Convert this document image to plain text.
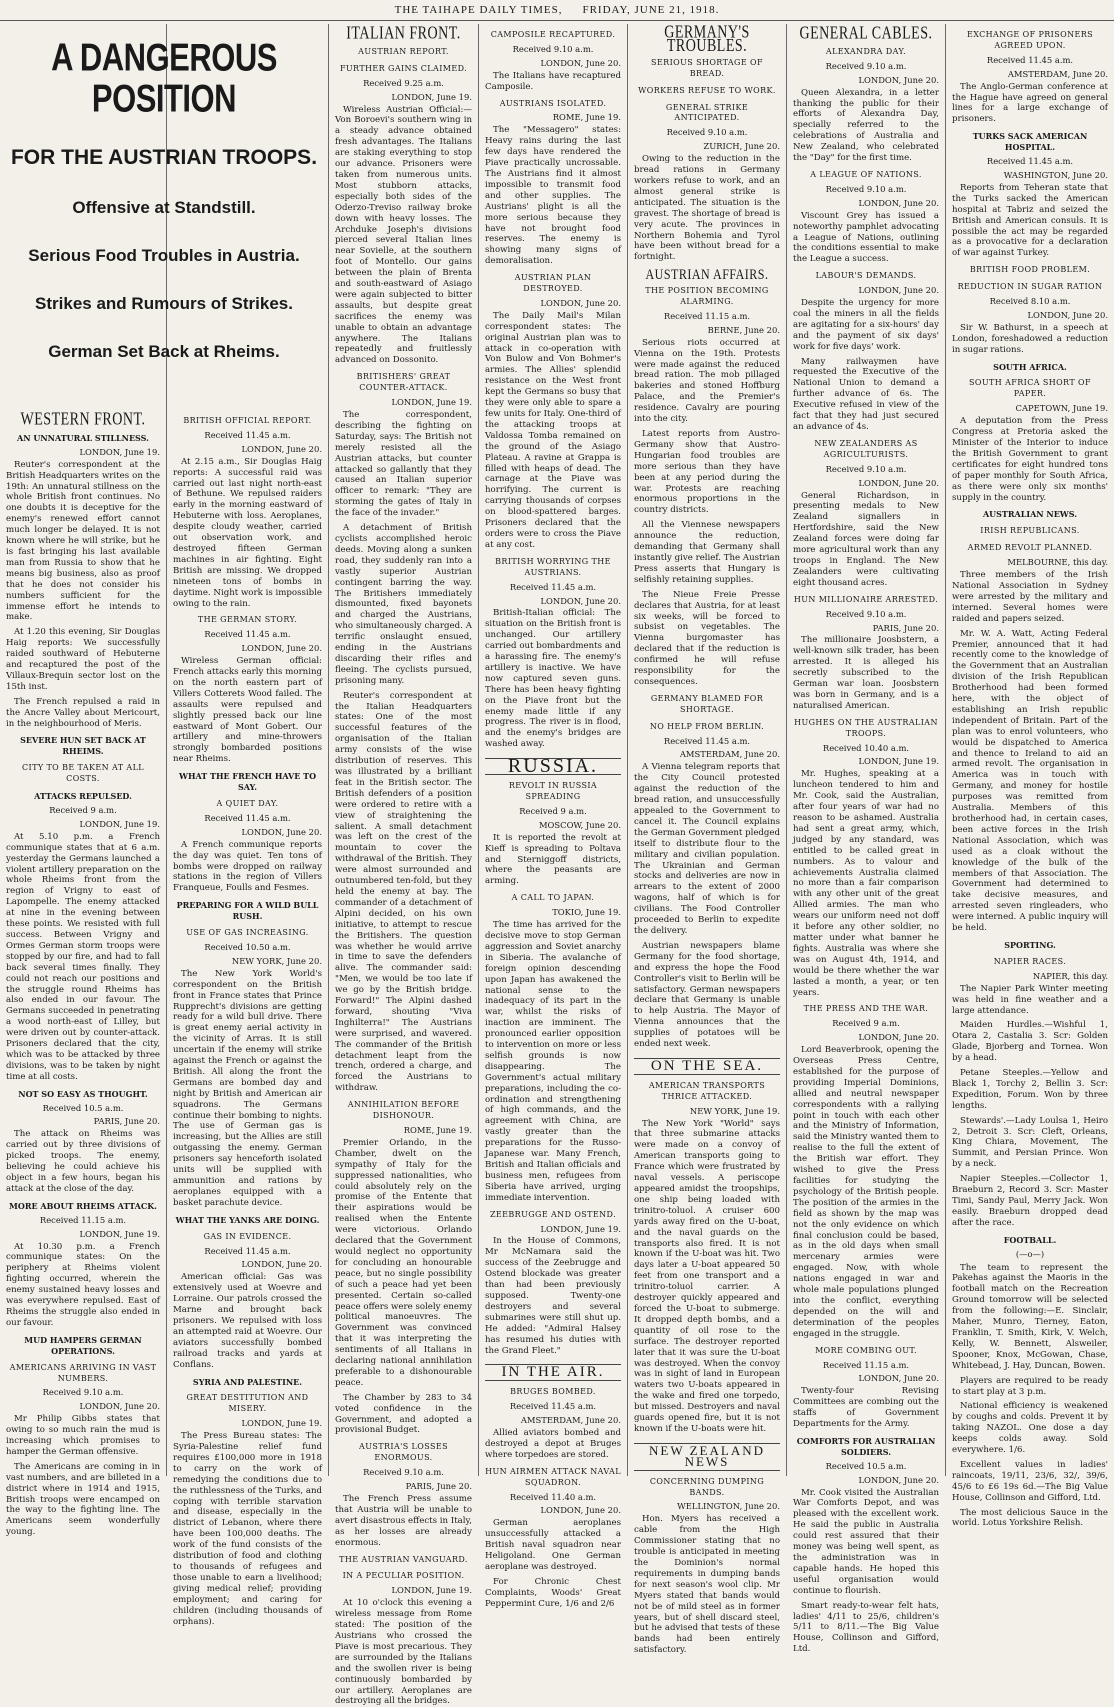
THE TAIHAPE DAILY TIMES, FRIDAY, JUNE 21, 1918.

A DANGEROUS POSITION

FOR THE AUSTRIAN TROOPS.

Offensive at Standstill.

Serious Food Troubles in Austria.

Strikes and Rumours of Strikes.

German Set Back at Rheims.

WESTERN FRONT.

AN UNNATURAL STILLNESS.

LONDON, June 19.

Reuter's correspondent at the British Headquarters writes on the 19th: An unnatural stillness on the whole British front continues. No one doubts it is deceptive for the enemy's renewed effort cannot much longer be delayed. It is not known where he will strike, but he is fast bringing his last available man from Russia to show that he means big business, also as proof that he does not consider his numbers sufficient for the immense effort he intends to make.

At 1.20 this evening, Sir Douglas Haig reports: We successfully raided southward of Hebuterne and recaptured the post of the Villaux-Brequin sector lost on the 15th inst.

The French repulsed a raid in the Ancre Valley about Mericourt, in the neighbourhood of Meris.

SEVERE HUN SET BACK AT RHEIMS.

CITY TO BE TAKEN AT ALL COSTS.

ATTACKS REPULSED.

Received 9 a.m.

LONDON, June 19.

At 5.10 p.m. a French communique states that at 6 a.m. yesterday the Germans launched a violent artillery preparation on the whole Rheims front from the region of Vrigny to east of Lapompelle. The enemy attacked at nine in the evening between these points. We resisted with full success. Between Vrigny and Ormes German storm troops were stopped by our fire, and had to fall back several times finally. They could not reach our positions and the struggle round Rheims has also ended in our favour. The Germans succeeded in penetrating a wood north-east of Lilley, but were driven out by counter-attack. Prisoners declared that the city, which was to be attacked by three divisions, was to be taken by night time at all costs.

NOT SO EASY AS THOUGHT.

Received 10.5 a.m.

PARIS, June 20.

The attack on Rheims was carried out by three divisions of picked troops. The enemy, believing he could achieve his object in a few hours, began his attack at the close of the day.

MORE ABOUT RHEIMS ATTACK.

Received 11.15 a.m.

LONDON, June 19.

At 10.30 p.m. a French communique states: On the periphery at Rheims violent fighting occurred, wherein the enemy sustained heavy losses and was everywhere repulsed. East of Rheims the struggle also ended in our favour.

MUD HAMPERS GERMAN OPERATIONS.

AMERICANS ARRIVING IN VAST NUMBERS.

Received 9.10 a.m.

LONDON, June 20.

Mr Philip Gibbs states that owing to so much rain the mud is increasing which promises to hamper the German offensive.

The Americans are coming in in vast numbers, and are billeted in a district where in 1914 and 1915, British troops were encamped on the way to the fighting line. The Americans seem wonderfully young.

BRITISH OFFICIAL REPORT.

Received 11.45 a.m.

LONDON, June 20.

At 2.15 a.m., Sir Douglas Haig reports: A successful raid was carried out last night north-east of Bethune. We repulsed raiders early in the morning eastward of Hebuterne with loss. Aeroplanes, despite cloudy weather, carried out observation work, and destroyed fifteen German machines in air fighting. Eight British are missing. We dropped nineteen tons of bombs in daytime. Night work is impossible owing to the rain.

THE GERMAN STORY.

Received 11.45 a.m.

LONDON, June 20.

Wireless German official: French attacks early this morning on the north eastern part of Villers Cotterets Wood failed. The assaults were repulsed and slightly pressed back our line eastward of Mont Gobert. Our artillery and mine-throwers strongly bombarded positions near Rheims.

WHAT THE FRENCH HAVE TO SAY.

A QUIET DAY.

Received 11.45 a.m.

LONDON, June 20.

A French communique reports the day was quiet. Ten tons of bombs were dropped on railway stations in the region of Villers Franqueue, Foulls and Fesmes.

PREPARING FOR A WILD BULL RUSH.

USE OF GAS INCREASING.

Received 10.50 a.m.

NEW YORK, June 20.

The New York World's correspondent on the British front in France states that Prince Rupprecht's divisions are getting ready for a wild bull drive. There is great enemy aerial activity in the vicinity of Arras. It is still uncertain if the enemy will strike against the French or against the British. All along the front the Germans are bombed day and night by British and American air squadrons. The Germans continue their bombing to nights. The use of German gas is increasing, but the Allies are still outgassing the enemy. German prisoners say henceforth isolated units will be supplied with ammunition and rations by aeroplanes equipped with a basket parachute device.

WHAT THE YANKS ARE DOING.

GAS IN EVIDENCE.

Received 11.45 a.m.

LONDON, June 20.

American official: Gas was extensively used at Woevre and Lorraine. Our patrols crossed the Marne and brought back prisoners. We repulsed with loss an attempted raid at Woevre. Our aviators successfully bombed railroad tracks and yards at Conflans.

SYRIA AND PALESTINE.

GREAT DESTITUTION AND MISERY.

LONDON, June 19.

The Press Bureau states: The Syria-Palestine relief fund requires £100,000 more in 1918 to carry on the work of remedying the conditions due to the ruthlessness of the Turks, and coping with terrible starvation and disease, especially in the district of Lebanon, where there have been 100,000 deaths. The work of the fund consists of the distribution of food and clothing to thousands of refugees and those unable to earn a livelihood; giving medical relief; providing employment; and caring for children (including thousands of orphans).

ITALIAN FRONT.

AUSTRIAN REPORT.

FURTHER GAINS CLAIMED.

Received 9.25 a.m.

LONDON, June 19.

Wireless Austrian Official:—Von Boroevi's southern wing in a steady advance obtained fresh advantages. The Italians are staking everything to stop our advance. Prisoners were taken from numerous units. Most stubborn attacks, especially both sides of the Oderzo-Treviso railway broke down with heavy losses. The Archduke Joseph's divisions pierced several Italian lines near Sovielle, at the southern foot of Montello. Our gains between the plain of Brenta and south-eastward of Asiago were again subjected to bitter assaults, but despite great sacrifices the enemy was unable to obtain an advantage anywhere. The Italians repeatedly and fruitlessly advanced on Dossonito.

BRITISHERS' GREAT COUNTER-ATTACK.

LONDON, June 19.

The correspondent, describing the fighting on Saturday, says: The British not merely resisted all the Austrian attacks, but counter attacked so gallantly that they caused an Italian superior officer to remark: "They are storming the gates of Italy in the face of the invader."

A detachment of British cyclists accomplished heroic deeds. Moving along a sunken road, they suddenly ran into a vastly superior Austrian contingent barring the way. The Britishers immediately dismounted, fixed bayonets and charged the Austrians, who simultaneously charged. A terrific onslaught ensued, ending in the Austrians discarding their rifles and fleeing. The cyclists pursued, prisoning many.

Reuter's correspondent at the Italian Headquarters states: One of the most successful features of the organisation of the Italian army consists of the wise distribution of reserves. This was illustrated by a brilliant feat in the British sector. The British defenders of a position were ordered to retire with a view of straightening the salient. A small detachment was left on the crest of the mountain to cover the withdrawal of the British. They were almost surrounded and outnumbered ten-fold, but they held the enemy at bay. The commander of a detachment of Alpini decided, on his own initiative, to attempt to rescue the Britishers. The question was whether he would arrive in time to save the defenders alive. The commander said: "Men, we would be too late if we go by the British bridge. Forward!" The Alpini dashed forward, shouting "Viva Inghilterra!" The Austrians were surprised, and wavered. The commander of the British detachment leapt from the trench, ordered a charge, and forced the Austrians to withdraw.

ANNIHILATION BEFORE DISHONOUR.

ROME, June 19.

Premier Orlando, in the Chamber, dwelt on the sympathy of Italy for the suppressed nationalities, who could absolutely rely on the promise of the Entente that their aspirations would be realised when the Entente were victorious. Orlando declared that the Government would neglect no opportunity for concluding an honourable peace, but no single possibility of such a peace had yet been presented. Certain so-called peace offers were solely enemy political manoeuvres. The Government was convinced that it was interpreting the sentiments of all Italians in declaring national annihilation preferable to a dishonourable peace.

The Chamber by 283 to 34 voted confidence in the Government, and adopted a provisional Budget.

AUSTRIA'S LOSSES ENORMOUS.

Received 9.10 a.m.

PARIS, June 20.

The French Press assume that Austria will be unable to avert disastrous effects in Italy, as her losses are already enormous.

THE AUSTRIAN VANGUARD.

IN A PECULIAR POSITION.

LONDON, June 19.

At 10 o'clock this evening a wireless message from Rome stated: The position of the Austrians who crossed the Piave is most precarious. They are surrounded by the Italians and the swollen river is being continuously bombarded by our artillery. Aeroplanes are destroying all the bridges.

CAMPOSILE RECAPTURED.

Received 9.10 a.m.

LONDON, June 20.

The Italians have recaptured Camposile.

AUSTRIANS ISOLATED.

ROME, June 19.

The "Messagero" states: Heavy rains during the last few days have rendered the Piave practically uncrossable. The Austrians find it almost impossible to transmit food and other supplies. The Austrians' plight is all the more serious because they have not brought food reserves. The enemy is showing many signs of demoralisation.

AUSTRIAN PLAN DESTROYED.

LONDON, June 20.

The Daily Mail's Milan correspondent states: The original Austrian plan was to attack in co-operation with Von Bulow and Von Bohmer's armies. The Allies' splendid resistance on the West front kept the Germans so busy that they were only able to spare a few units for Italy. One-third of the attacking troops at Valdossa Tomba remained on the ground of the Asiago Plateau. A ravine at Grappa is filled with heaps of dead. The carnage at the Piave was horrifying. The current is carrying thousands of corpses on blood-spattered barges. Prisoners declared that the orders were to cross the Piave at any cost.

BRITISH WORRYING THE AUSTRIANS.

Received 11.45 a.m.

LONDON, June 20.

British-Italian official: The situation on the British front is unchanged. Our artillery carried out bombardments and a harassing fire. The enemy's artillery is inactive. We have now captured seven guns. There has been heavy fighting on the Piave front but the enemy made little if any progress. The river is in flood, and the enemy's bridges are washed away.

RUSSIA.

REVOLT IN RUSSIA SPREADING

Received 9 a.m.

MOSCOW, June 20.

It is reported the revolt at Kieff is spreading to Poltava and Sterniggoff districts, where the peasants are arming.

A CALL TO JAPAN.

TOKIO, June 19.

The time has arrived for the decisive move to stop German aggression and Soviet anarchy in Siberia. The avalanche of foreign opinion descending upon Japan has awakened the national sense to the inadequacy of its part in the war, whilst the risks of inaction are imminent. The pronounced earlier opposition to intervention on more or less selfish grounds is now disappearing. The Government's actual military preparations, including the co-ordination and strengthening of high commands, and the agreement with China, are vastly greater than the preparations for the Russo-Japanese war. Many French, British and Italian officials and business men, refugees from Siberia have arrived, urging immediate intervention.

ZEEBRUGGE AND OSTEND.

LONDON, June 19.

In the House of Commons, Mr McNamara said the success of the Zeebrugge and Ostend blockade was greater than had been previously supposed. Twenty-one destroyers and several submarines were still shut up. He added: "Admiral Halsey has resumed his duties with the Grand Fleet."

IN THE AIR.

BRUGES BOMBED.

Received 11.45 a.m.

AMSTERDAM, June 20.

Allied aviators bombed and destroyed a depot at Bruges where torpedoes are stored.

HUN AIRMEN ATTACK NAVAL SQUADRON.

Received 11.40 a.m.

LONDON, June 20.

German aeroplanes unsuccessfully attacked a British naval squadron near Heligoland. One German aeroplane was destroyed.

For Chronic Chest Complaints, Woods' Great Peppermint Cure, 1/6 and 2/6

GERMANY'S TROUBLES.

SERIOUS SHORTAGE OF BREAD.

WORKERS REFUSE TO WORK.

GENERAL STRIKE ANTICIPATED.

Received 9.10 a.m.

ZURICH, June 20.

Owing to the reduction in the bread rations in Germany workers refuse to work, and an almost general strike is anticipated. The situation is the gravest. The shortage of bread is very acute. The provinces in Northern Bohemia and Tyrol have been without bread for a fortnight.

AUSTRIAN AFFAIRS.

THE POSITION BECOMING ALARMING.

Received 11.15 a.m.

BERNE, June 20.

Serious riots occurred at Vienna on the 19th. Protests were made against the reduced bread ration. The mob pillaged bakeries and stoned Hoffburg Palace, and the Premier's residence. Cavalry are pouring into the city.

Latest reports from Austro-Germany show that Austro-Hungarian food troubles are more serious than they have been at any period during the war. Protests are reaching enormous proportions in the country districts.

All the Viennese newspapers announce the reduction, demanding that Germany shall instantly give relief. The Austrian Press asserts that Hungary is selfishly retaining supplies.

The Nieue Freie Presse declares that Austria, for at least six weeks, will be forced to subsist on vegetables. The Vienna burgomaster has declared that if the reduction is confirmed he will refuse responsibility for the consequences.

GERMANY BLAMED FOR SHORTAGE.

NO HELP FROM BERLIN.

Received 11.45 a.m.

AMSTERDAM, June 20.

A Vienna telegram reports that the City Council protested against the reduction of the bread ration, and unsuccessfully appealed to the Government to cancel it. The Council explains the German Government pledged itself to distribute flour to the military and civilian population. The Ukrainian and German stocks and deliveries are now in arrears to the extent of 2000 wagons, half of which is for civilians. The Food Controller proceeded to Berlin to expedite the delivery.

Austrian newspapers blame Germany for the food shortage, and express the hope the Food Controller's visit to Berlin will be satisfactory. German newspapers declare that Germany is unable to help Austria. The Mayor of Vienna announces that the supplies of potatoes will be ended next week.

ON THE SEA.

AMERICAN TRANSPORTS THRICE ATTACKED.

NEW YORK, June 19.

The New York "World" says that three submarine attacks were made on a convoy of American transports going to France which were frustrated by naval vessels. A periscope appeared amidst the troopships, one ship being loaded with trinitro-toluol. A cruiser 600 yards away fired on the U-boat, and the naval guards on the transports also fired. It is not known if the U-boat was hit. Two days later a U-boat appeared 50 feet from one transport and a trinitro-toluol carrier. A destroyer quickly appeared and forced the U-boat to submerge. It dropped depth bombs, and a quantity of oil rose to the surface. The destroyer reported later that it was sure the U-boat was destroyed. When the convoy was in sight of land in European waters two U-boats appeared in the wake and fired one torpedo, but missed. Destroyers and naval guards opened fire, but it is not known if the U-boats were hit.

NEW ZEALAND NEWS

CONCERNING DUMPING BANDS.

WELLINGTON, June 20.

Hon. Myers has received a cable from the High Commissioner stating that no trouble is anticipated in meeting the Dominion's normal requirements in dumping bands for next season's wool clip. Mr Myers stated that bands would not be of mild steel as in former years, but of shell discard steel, but he advised that tests of these bands had been entirely satisfactory.

GENERAL CABLES.

ALEXANDRA DAY.

Received 9.10 a.m.

LONDON, June 20.

Queen Alexandra, in a letter thanking the public for their efforts of Alexandra Day, specially referred to the celebrations of Australia and New Zealand, who celebrated the "Day" for the first time.

A LEAGUE OF NATIONS.

Received 9.10 a.m.

LONDON, June 20.

Viscount Grey has issued a noteworthy pamphlet advocating a League of Nations, outlining the conditions essential to make the League a success.

LABOUR'S DEMANDS.

LONDON, June 20.

Despite the urgency for more coal the miners in all the fields are agitating for a six-hours' day and the payment of six days' work for five days' work.

Many railwaymen have requested the Executive of the National Union to demand a further advance of 6s. The Executive refused in view of the fact that they had just secured an advance of 4s.

NEW ZEALANDERS AS AGRICULTURISTS.

Received 9.10 a.m.

LONDON, June 20.

General Richardson, in presenting medals to New Zealand signallers in Hertfordshire, said the New Zealand forces were doing far more agricultural work than any troops in England. The New Zealanders were cultivating eight thousand acres.

HUN MILLIONAIRE ARRESTED.

Received 9.10 a.m.

PARIS, June 20.

The millionaire Joosbstern, a well-known silk trader, has been arrested. It is alleged his secretly subscribed to the German war loan. Joosbstern was born in Germany, and is a naturalised American.

HUGHES ON THE AUSTRALIAN TROOPS.

Received 10.40 a.m.

LONDON, June 19.

Mr. Hughes, speaking at a luncheon tendered to him and Mr. Cook, said the Australian, after four years of war had no reason to be ashamed. Australia had sent a great army, which, judged by any standard, was entitled to be called great in numbers. As to valour and achievements Australia claimed no more than a fair comparison with any other unit of the great Allied armies. The man who wears our uniform need not doff it before any other soldier, no matter under what banner he fights. Australia was where she was on August 4th, 1914, and would be there whether the war lasted a month, a year, or ten years.

THE PRESS AND THE WAR.

Received 9 a.m.

LONDON, June 20.

Lord Beaverbrook, opening the Overseas Press Centre, established for the purpose of providing Imperial Dominions, allied and neutral newspaper correspondents with a rallying point in touch with each other and the Ministry of Information, said the Ministry wanted them to realise to the full the extent of the British war effort. They wished to give the Press facilities for studying the psychology of the British people. The position of the armies in the field as shown by the map was not the only evidence on which final conclusion could be based, as in the old days when small mercenary armies were engaged. Now, with whole nations engaged in war and whole male populations plunged into the conflict, everything depended on the will and determination of the peoples engaged in the struggle.

MORE COMBING OUT.

Received 11.15 a.m.

LONDON, June 20.

Twenty-four Revising Committees are combing out the staffs of Government Departments for the Army.

COMFORTS FOR AUSTRALIAN SOLDIERS.

Received 10.5 a.m.

LONDON, June 20.

Mr. Cook visited the Australian War Comforts Depot, and was pleased with the excellent work. He said the public in Australia could rest assured that their money was being well spent, as the administration was in capable hands. He hoped this useful organisation would continue to flourish.

Smart ready-to-wear felt hats, ladies' 4/11 to 25/6, children's 5/11 to 8/11.—The Big Value House, Collinson and Gifford, Ltd.

EXCHANGE OF PRISONERS AGREED UPON.

Received 11.45 a.m.

AMSTERDAM, June 20.

The Anglo-German conference at the Hague have agreed on general lines for a large exchange of prisoners.

TURKS SACK AMERICAN HOSPITAL.

Received 11.45 a.m.

WASHINGTON, June 20.

Reports from Teheran state that the Turks sacked the American hospital at Tabriz and seized the British and American consuls. It is possible the act may be regarded as a provocative for a declaration of war against Turkey.

BRITISH FOOD PROBLEM.

REDUCTION IN SUGAR RATION

Received 8.10 a.m.

LONDON, June 20.

Sir W. Bathurst, in a speech at London, foreshadowed a reduction in sugar rations.

SOUTH AFRICA.

SOUTH AFRICA SHORT OF PAPER.

CAPETOWN, June 19.

A deputation from the Press Congress at Pretoria asked the Minister of the Interior to induce the British Government to grant certificates for eight hundred tons of paper monthly for South Africa, as there were only six months' supply in the country.

AUSTRALIAN NEWS.

IRISH REPUBLICANS.

ARMED REVOLT PLANNED.

MELBOURNE, this day.

Three members of the Irish National Association in Sydney were arrested by the military and interned. Several homes were raided and papers seized.

Mr. W. A. Watt, Acting Federal Premier, announced that it had recently come to the knowledge of the Government that an Australian division of the Irish Republican Brotherhood had been formed here, with the object of establishing an Irish republic independent of Britain. Part of the plan was to enrol volunteers, who would be dispatched to America and thence to Ireland to aid an armed revolt. The organisation in America was in touch with Germany, and money for hostile purposes was remitted from Australia. Members of this brotherhood had, in certain cases, been active forces in the Irish National Association, which was used as a cloak without the knowledge of the bulk of the members of that Association. The Government had determined to take decisive measures, and arrested seven ringleaders, who were interned. A public inquiry will be held.

SPORTING.

NAPIER RACES.

NAPIER, this day.

The Napier Park Winter meeting was held in fine weather and a large attendance.

Maiden Hurdles.—Wishful 1, Otara 2, Castalia 3. Scr: Golden Glade, Bjorberg and Tornea. Won by a head.

Petane Steeples.—Yellow and Black 1, Torchy 2, Bellin 3. Scr: Expedition, Forum. Won by three lengths.

Stewards'.—Lady Loulsa 1, Heiro 2, Detroit 3. Scr: Cleft, Orleans, King Chiara, Movement, The Summit, and Persian Prince. Won by a neck.

Napier Steeples.—Collector 1, Braeburn 2, Record 3. Scr: Master Timi, Sandy Paul, Merry Jack. Won easily. Braeburn dropped dead after the race.

FOOTBALL.

(—o—)

The team to represent the Pakehas against the Maoris in the football match on the Recreation Ground tomorrow will be selected from the following:—E. Sinclair, Maher, Munro, Tierney, Eaton, Franklin, T. Smith, Kirk, V. Welch, Kelly, W. Bennett, Alsweiler, Spooner, Knox, McGowan, Chase, Whitebead, J. Hay, Duncan, Bowen.

Players are required to be ready to start play at 3 p.m.

National efficiency is weakened by coughs and colds. Prevent it by taking NAZOL. One dose a day keeps colds away. Sold everywhere. 1/6.

Excellent values in ladies' raincoats, 19/11, 23/6, 32/, 39/6, 45/6 to £6 19s 6d.—The Big Value House, Collinson and Gifford, Ltd.

The most delicious Sauce in the world. Lotus Yorkshire Relish.
